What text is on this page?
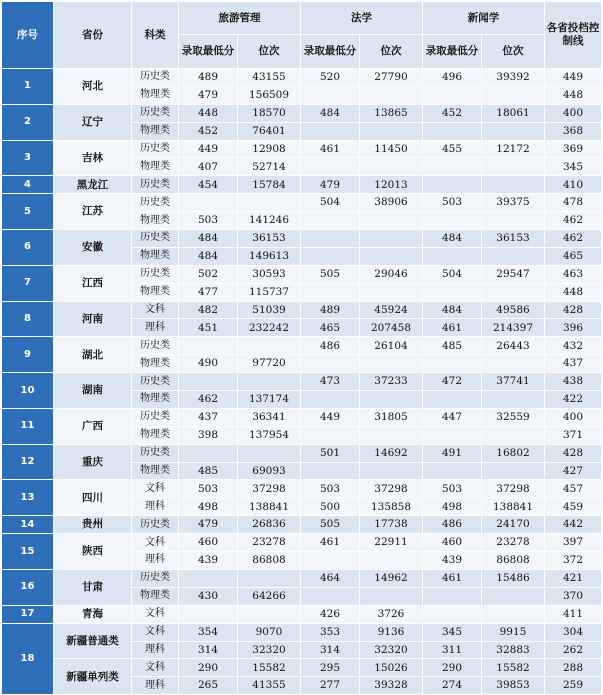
序号	省份	科类	旅游管理		法学		新闻学		各省投档控制线
			录取最低分	位次	录取最低分	位次	录取最低分	位次	
1	河北	历史类	489	43155	520	27790	496	39392	449
		物理类	479	156509					448
2	辽宁	历史类	448	18570	484	13865	452	18061	400
		物理类	452	76401					368
3	吉林	历史类	449	12908	461	11450	455	12172	369
		物理类	407	52714					345
4	黑龙江	历史类	454	15784	479	12013			410
5	江苏	历史类			504	38906	503	39375	478
		物理类	503	141246					462
6	安徽	历史类	484	36153			484	36153	462
		物理类	484	149613					465
7	江西	历史类	502	30593	505	29046	504	29547	463
		物理类	477	115737					448
8	河南	文科	482	51039	489	45924	484	49586	428
		理科	451	232242	465	207458	461	214397	396
9	湖北	历史类			486	26104	485	26443	432
		物理类	490	97720					437
10	湖南	历史类			473	37233	472	37741	438
		物理类	462	137174					422
11	广西	历史类	437	36341	449	31805	447	32559	400
		物理类	398	137954					371
12	重庆	历史类			501	14692	491	16802	428
		物理类	485	69093					427
13	四川	文科	503	37298	503	37298	503	37298	457
		理科	498	138841	500	135858	498	138841	459
14	贵州	历史类	479	26836	505	17738	486	24170	442
15	陕西	文科	460	23278	461	22911	460	23278	397
		理科	439	86808			439	86808	372
16	甘肃	历史类			464	14962	461	15486	421
		物理类	430	64266					370
17	青海	文科			426	3726			411
18	新疆普通类	文科	354	9070	353	9136	345	9915	304
		理科	314	32320	314	32320	311	32883	262
	新疆单列类	文科	290	15582	295	15026	290	15582	288
		理科	265	41355	277	39328	274	39853	259
